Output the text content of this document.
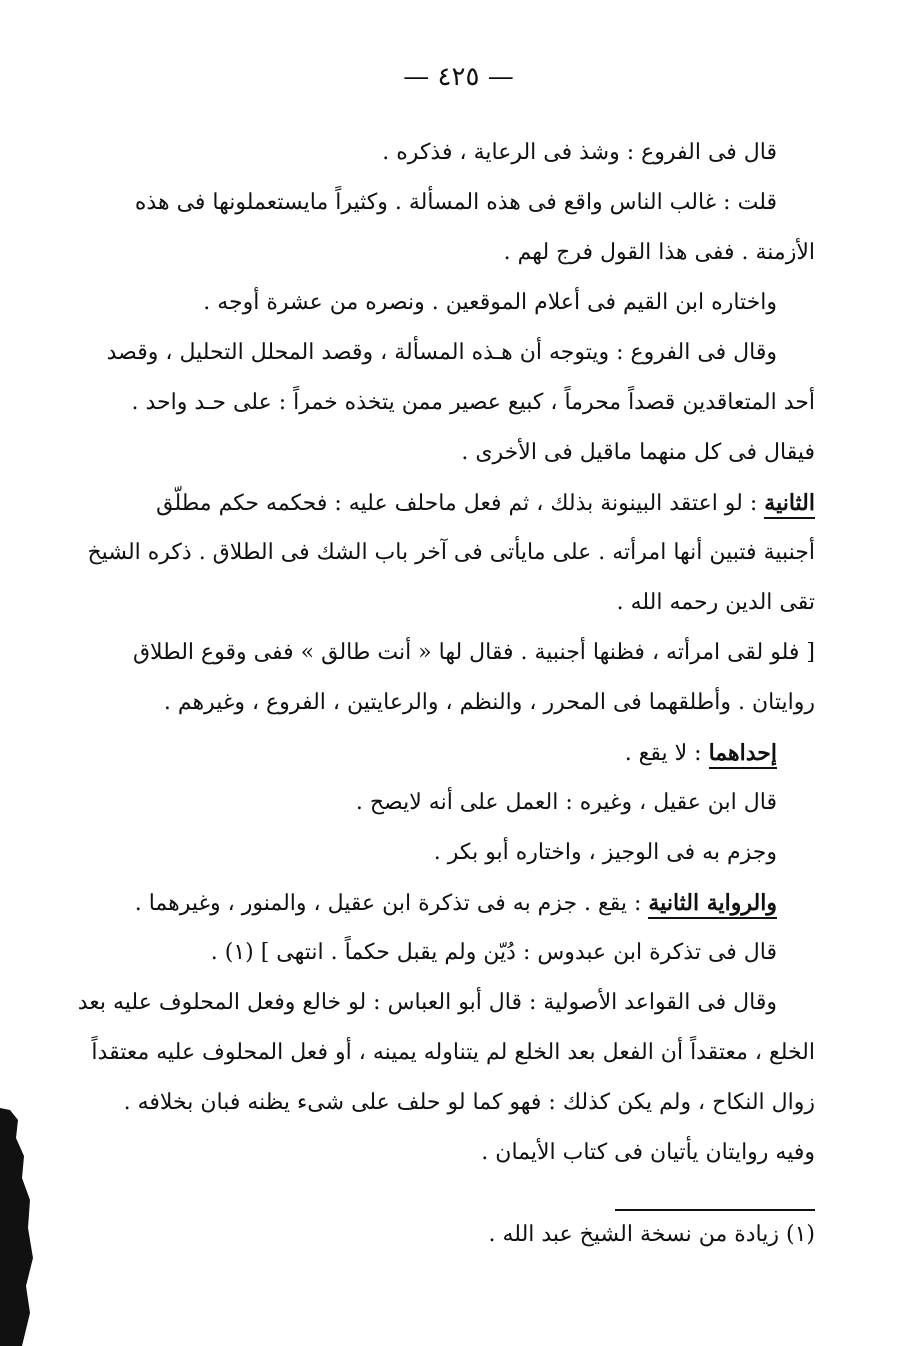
— ٤٢٥ —
قال فى الفروع : وشذ فى الرعاية ، فذكره .
قلت : غالب الناس واقع فى هذه المسألة . وكثيراً مايستعملونها فى هذه
الأزمنة . ففى هذا القول فرج لهم .
واختاره ابن القيم فى أعلام الموقعين . ونصره من عشرة أوجه .
وقال فى الفروع : ويتوجه أن هـذه المسألة ، وقصد المحلل التحليل ، وقصد
أحد المتعاقدين قصداً محرماً ، كبيع عصير ممن يتخذه خمراً : على حـد واحد .
فيقال فى كل منهما ماقيل فى الأخرى .
الثانية : لو اعتقد البينونة بذلك ، ثم فعل ماحلف عليه : فحكمه حكم مطلّق
أجنبية فتبين أنها امرأته . على مايأتى فى آخر باب الشك فى الطلاق . ذكره الشيخ
تقى الدين رحمه الله .
[ فلو لقى امرأته ، فظنها أجنبية . فقال لها « أنت طالق » ففى وقوع الطلاق
روايتان . وأطلقهما فى المحرر ، والنظم ، والرعايتين ، الفروع ، وغيرهم .
إحداهما : لا يقع .
قال ابن عقيل ، وغيره : العمل على أنه لايصح .
وجزم به فى الوجيز ، واختاره أبو بكر .
والرواية الثانية : يقع . جزم به فى تذكرة ابن عقيل ، والمنور ، وغيرهما .
قال فى تذكرة ابن عبدوس : دُيّن ولم يقبل حكماً . انتهى ] (١) .
وقال فى القواعد الأصولية : قال أبو العباس : لو خالع وفعل المحلوف عليه بعد
الخلع ، معتقداً أن الفعل بعد الخلع لم يتناوله يمينه ، أو فعل المحلوف عليه معتقداً
زوال النكاح ، ولم يكن كذلك : فهو كما لو حلف على شىء يظنه فبان بخلافه .
وفيه روايتان يأتيان فى كتاب الأيمان .
(١) زيادة من نسخة الشيخ عبد الله .
